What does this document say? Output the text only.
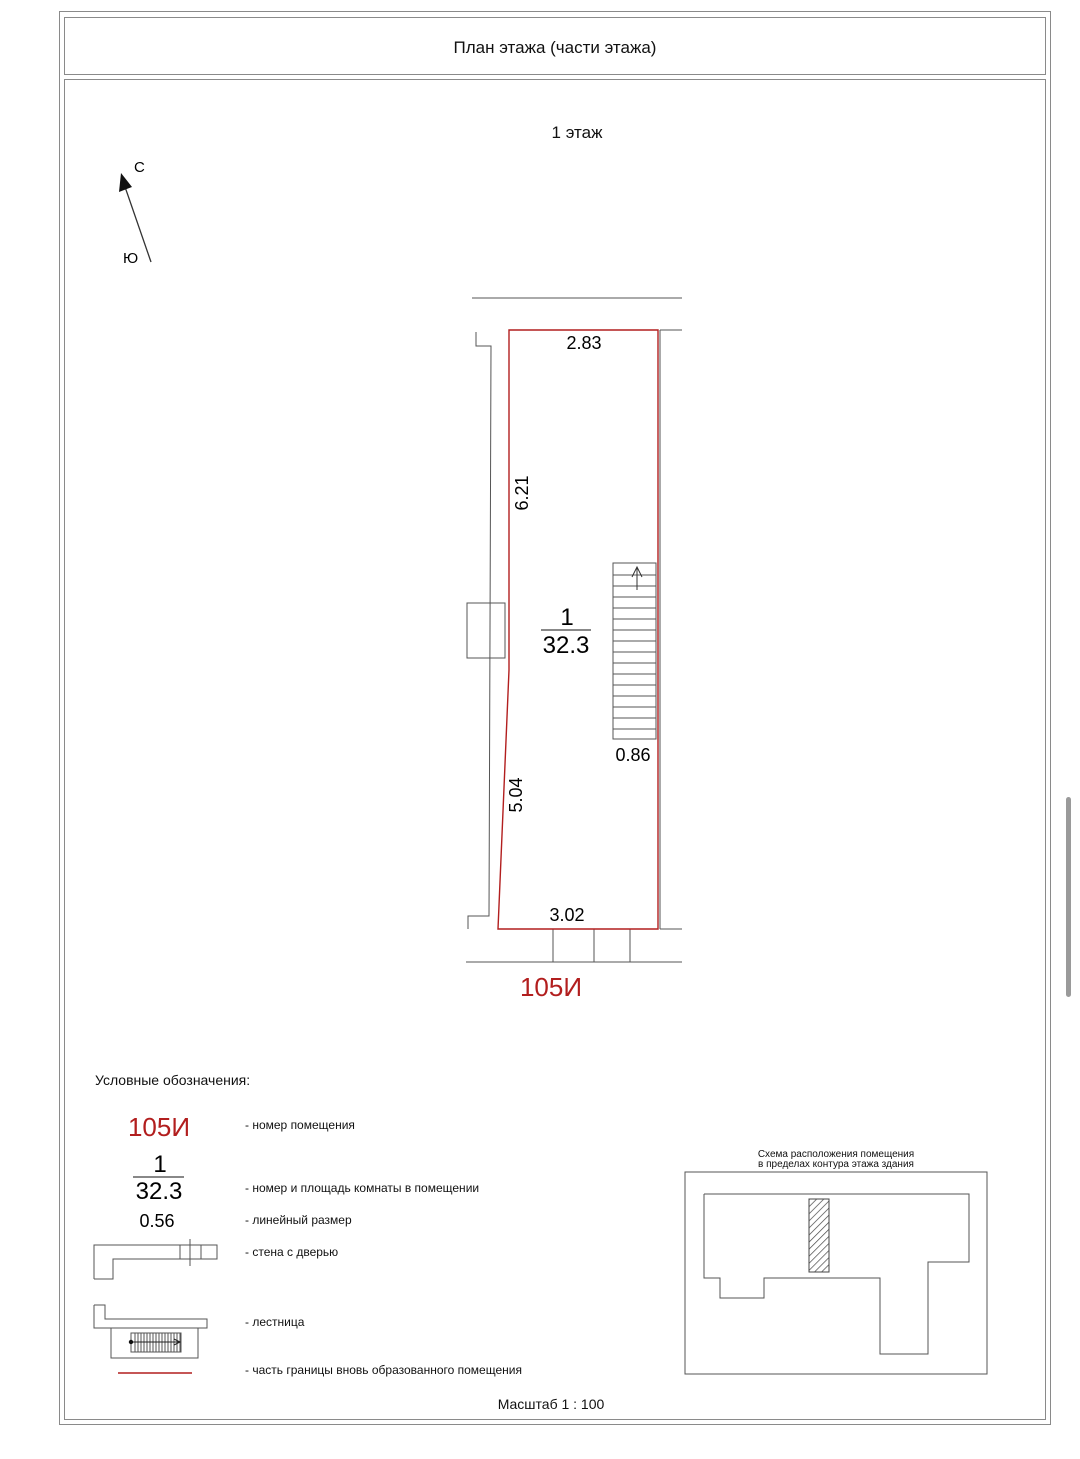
План этажа (части этажа)
1 этаж
С
Ю
2.83
6.21
5.04
3.02
0.86
1
32.3
105И
105И
1
32.3
0.56
Условные обозначения:
- номер помещения
- номер и площадь комнаты в помещении
- линейный размер
- стена с дверью
- лестница
- часть границы вновь образованного помещения
Схема расположения помещения
в пределах контура этажа здания
Масштаб 1 : 100
